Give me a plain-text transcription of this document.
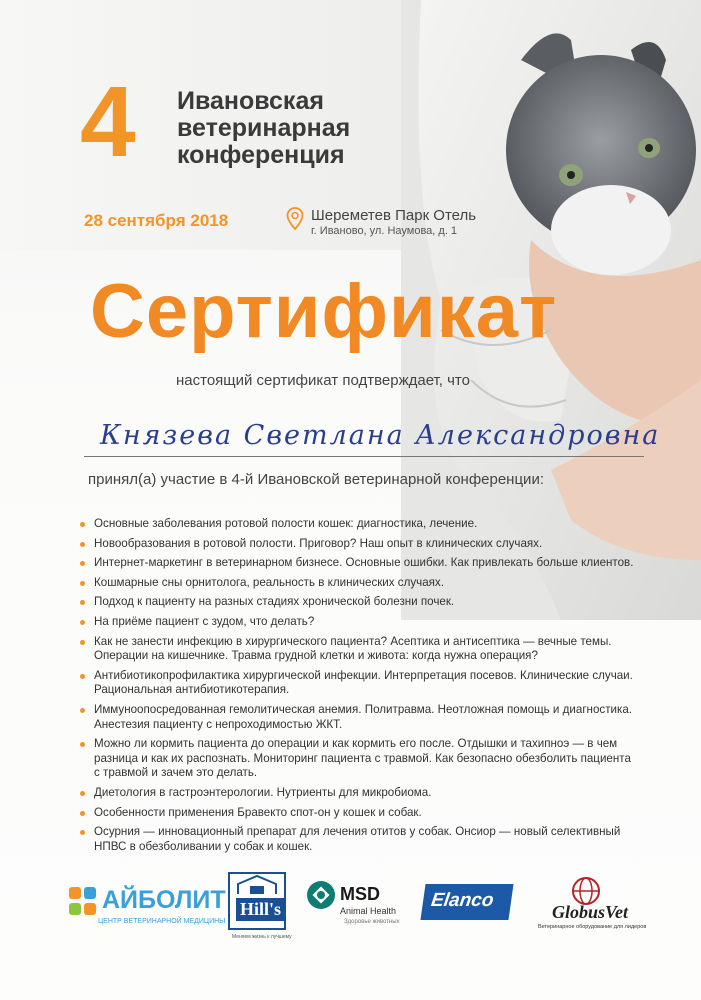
4 Ивановская
ветеринарная
конференция
28 сентября 2018	Шереметев Парк Отель
г. Иваново, ул. Наумова, д. 1
Сертификат
настоящий сертификат подтверждает, что
Князева Светлана Александровна
принял(а) участие в 4-й Ивановской ветеринарной конференции:
Основные заболевания ротовой полости кошек: диагностика, лечение.
Новообразования в ротовой полости. Приговор? Наш опыт в клинических случаях.
Интернет-маркетинг в ветеринарном бизнесе. Основные ошибки. Как привлекать больше клиентов.
Кошмарные сны орнитолога, реальность в клинических случаях.
Подход к пациенту на разных стадиях хронической болезни почек.
На приёме пациент с зудом, что делать?
Как не занести инфекцию в хирургического пациента? Асептика и антисептика — вечные темы. Операции на кишечнике. Травма грудной клетки и живота: когда нужна операция?
Антибиотикопрофилактика хирургической инфекции. Интерпретация посевов. Клинические случаи. Рациональная антибиотикотерапия.
Иммуноопосредованная гемолитическая анемия. Политравма. Неотложная помощь и диагностика. Анестезия пациенту с непроходимостью ЖКТ.
Можно ли кормить пациента до операции и как кормить его после. Отдышки и тахипноэ — в чем разница и как их распознать. Мониторинг пациента с травмой. Как безопасно обезболить пациента с травмой и зачем это делать.
Диетология в гастроэнтерологии. Нутриенты для микробиома.
Особенности применения Бравекто спот-он у кошек и собак.
Осурния — инновационный препарат для лечения отитов у собак. Онсиор — новый селективный НПВС в обезболивании у собак и кошек.
АЙБОЛИТ
ЦЕНТР ВЕТЕРИНАРНОЙ МЕДИЦИНЫ
Hill's
Меняем жизнь к лучшему
MSD
Animal Health
Здоровье животных
Elanco
GlobusVet
Ветеринарное оборудование для лидеров
